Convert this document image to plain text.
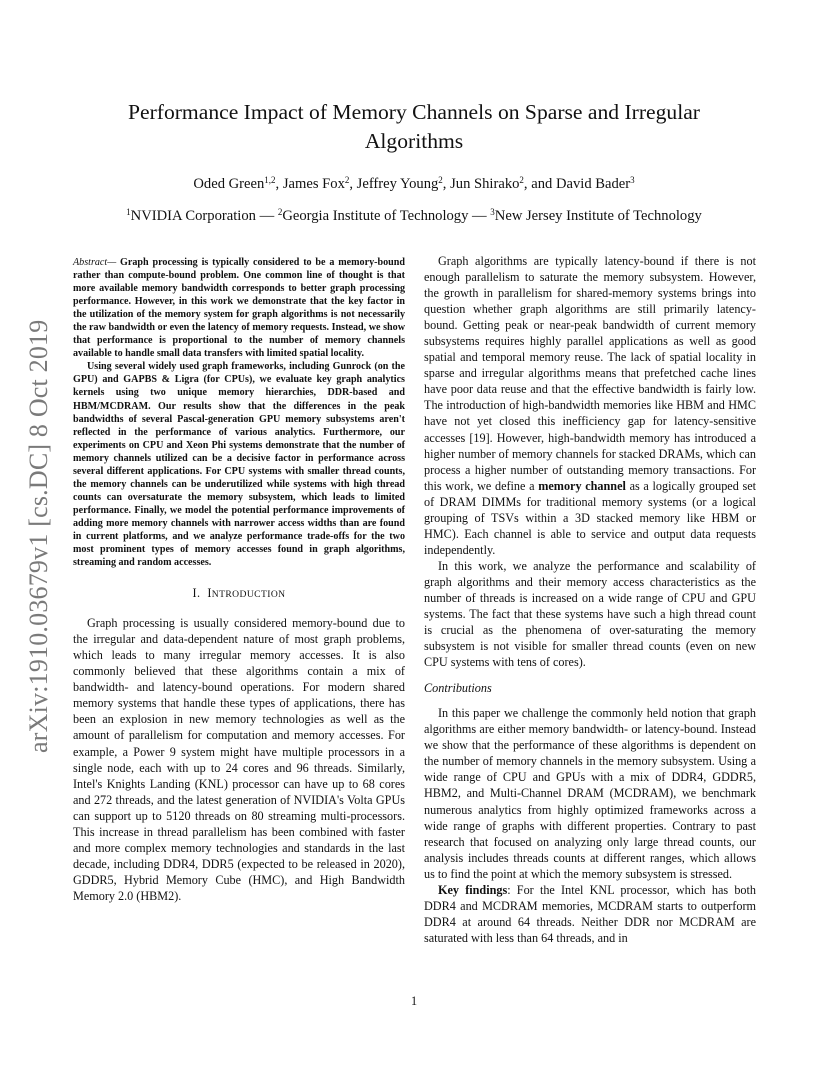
Performance Impact of Memory Channels on Sparse and Irregular Algorithms
Oded Green$^{1,2}$, James Fox$^2$, Jeffrey Young$^2$, Jun Shirako$^2$, and David Bader$^3$
$^1$NVIDIA Corporation — $^2$Georgia Institute of Technology — $^3$New Jersey Institute of Technology
arXiv:1910.03679v1 [cs.DC] 8 Oct 2019

Abstract— Graph processing is typically considered to be a memory-bound rather than compute-bound problem. One common line of thought is that more available memory bandwidth corresponds to better graph processing performance. However, in this work we demonstrate that the key factor in the utilization of the memory system for graph algorithms is not necessarily the raw bandwidth or even the latency of memory requests. Instead, we show that performance is proportional to the number of memory channels available to handle small data transfers with limited spatial locality.

Using several widely used graph frameworks, including Gunrock (on the GPU) and GAPBS & Ligra (for CPUs), we evaluate key graph analytics kernels using two unique memory hierarchies, DDR-based and HBM/MCDRAM. Our results show that the differences in the peak bandwidths of several Pascal-generation GPU memory subsystems aren't reflected in the performance of various analytics. Furthermore, our experiments on CPU and Xeon Phi systems demonstrate that the number of memory channels utilized can be a decisive factor in performance across several different applications. For CPU systems with smaller thread counts, the memory channels can be underutilized while systems with high thread counts can oversaturate the memory subsystem, which leads to limited performance. Finally, we model the potential performance improvements of adding more memory channels with narrower access widths than are found in current platforms, and we analyze performance trade-offs for the two most prominent types of memory accesses found in graph algorithms, streaming and random accesses.

I. INTRODUCTION

Graph processing is usually considered memory-bound due to the irregular and data-dependent nature of most graph problems, which leads to many irregular memory accesses. It is also commonly believed that these algorithms contain a mix of bandwidth- and latency-bound operations. For modern shared memory systems that handle these types of applications, there has been an explosion in new memory technologies as well as the amount of parallelism for computation and memory accesses. For example, a Power 9 system might have multiple processors in a single node, each with up to 24 cores and 96 threads. Similarly, Intel's Knights Landing (KNL) processor can have up to 68 cores and 272 threads, and the latest generation of NVIDIA's Volta GPUs can support up to 5120 threads on 80 streaming multi-processors. This increase in thread parallelism has been combined with faster and more complex memory technologies and standards in the last decade, including DDR4, DDR5 (expected to be released in 2020), GDDR5, Hybrid Memory Cube (HMC), and High Bandwidth Memory 2.0 (HBM2).

Graph algorithms are typically latency-bound if there is not enough parallelism to saturate the memory subsystem. However, the growth in parallelism for shared-memory systems brings into question whether graph algorithms are still primarily latency-bound. Getting peak or near-peak bandwidth of current memory subsystems requires highly parallel applications as well as good spatial and temporal memory reuse. The lack of spatial locality in sparse and irregular algorithms means that prefetched cache lines have poor data reuse and that the effective bandwidth is fairly low. The introduction of high-bandwidth memories like HBM and HMC have not yet closed this inefficiency gap for latency-sensitive accesses [19]. However, high-bandwidth memory has introduced a higher number of memory channels for stacked DRAMs, which can process a higher number of outstanding memory transactions. For this work, we define a memory channel as a logically grouped set of DRAM DIMMs for traditional memory systems (or a logical grouping of TSVs within a 3D stacked memory like HBM or HMC). Each channel is able to service and output data requests independently.

In this work, we analyze the performance and scalability of graph algorithms and their memory access characteristics as the number of threads is increased on a wide range of CPU and GPU systems. The fact that these systems have such a high thread count is crucial as the phenomena of over-saturating the memory subsystem is not visible for smaller thread counts (even on new CPU systems with tens of cores).

Contributions

In this paper we challenge the commonly held notion that graph algorithms are either memory bandwidth- or latency-bound. Instead we show that the performance of these algorithms is dependent on the number of memory channels in the memory subsystem. Using a wide range of CPU and GPUs with a mix of DDR4, GDDR5, HBM2, and Multi-Channel DRAM (MCDRAM), we benchmark numerous analytics from highly optimized frameworks across a wide range of graphs with different properties. Contrary to past research that focused on analyzing only large thread counts, our analysis includes threads counts at different ranges, which allows us to find the point at which the memory subsystem is stressed.

Key findings: For the Intel KNL processor, which has both DDR4 and MCDRAM memories, MCDRAM starts to outperform DDR4 at around 64 threads. Neither DDR nor MCDRAM are saturated with less than 64 threads, and in

1
